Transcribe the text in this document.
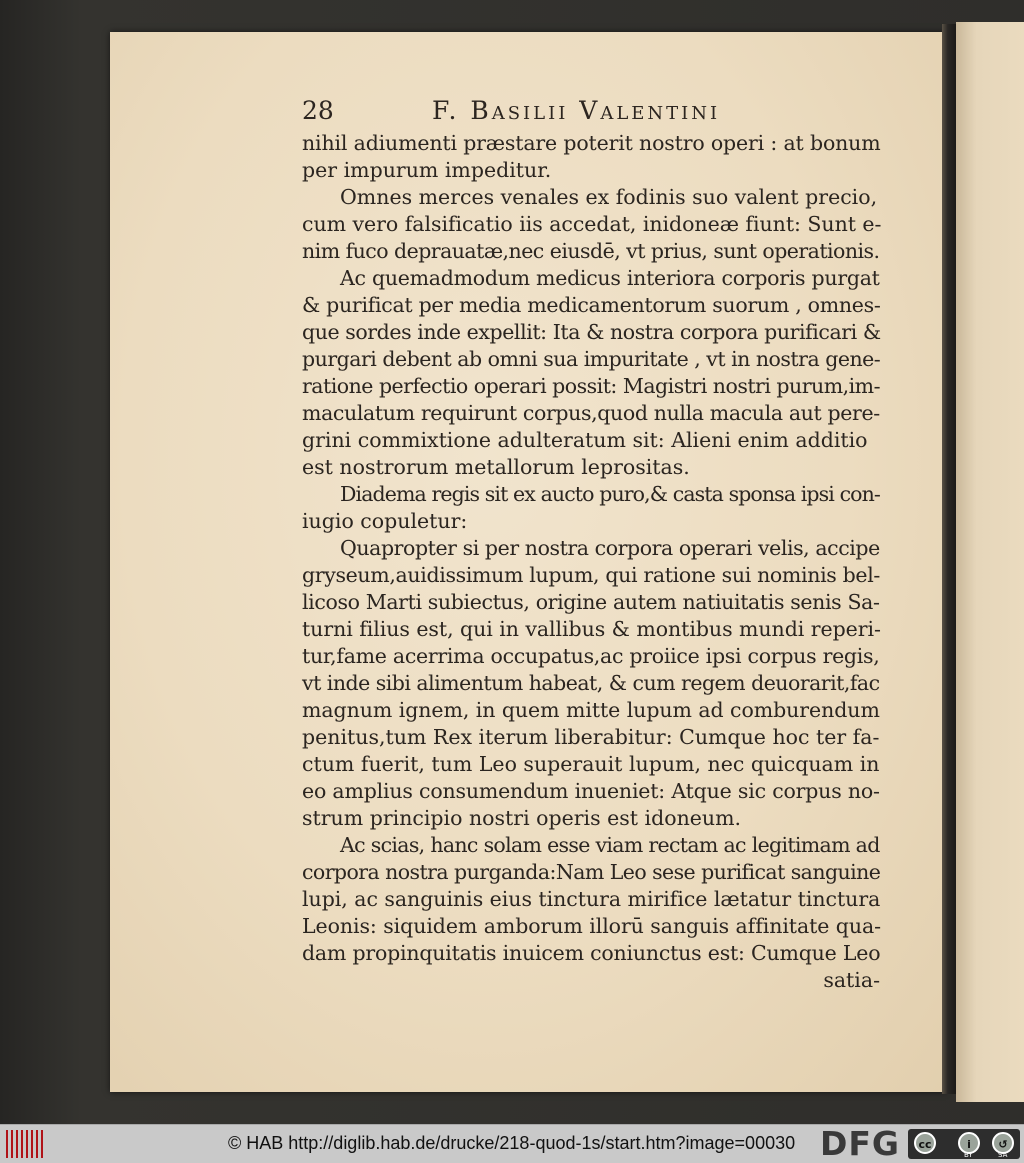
28	F. Basilii Valentini
nihil adiumenti præstare poterit nostro operi : at bonum
per impurum impeditur.
Omnes merces venales ex fodinis suo valent precio,
cum vero falsificatio iis accedat, inidoneæ fiunt: Sunt e-
nim fuco deprauatæ,nec eiusdē, vt prius, sunt operationis.
Ac quemadmodum medicus interiora corporis purgat
& purificat per media medicamentorum suorum , omnes-
que sordes inde expellit: Ita & nostra corpora purificari &
purgari debent ab omni sua impuritate , vt in nostra gene-
ratione perfectio operari possit: Magistri nostri purum,im-
maculatum requirunt corpus,quod nulla macula aut pere-
grini commixtione adulteratum sit: Alieni enim additio
est nostrorum metallorum leprositas.
Diadema regis sit ex aucto puro,& casta sponsa ipsi con-
iugio copuletur:
Quapropter si per nostra corpora operari velis, accipe
gryseum,auidissimum lupum, qui ratione sui nominis bel-
licoso Marti subiectus, origine autem natiuitatis senis Sa-
turni filius est, qui in vallibus & montibus mundi reperi-
tur,fame acerrima occupatus,ac proiice ipsi corpus regis,
vt inde sibi alimentum habeat, & cum regem deuorarit,fac
magnum ignem, in quem mitte lupum ad comburendum
penitus,tum Rex iterum liberabitur: Cumque hoc ter fa-
ctum fuerit, tum Leo superauit lupum, nec quicquam in
eo amplius consumendum inueniet: Atque sic corpus no-
strum principio nostri operis est idoneum.
Ac scias, hanc solam esse viam rectam ac legitimam ad
corpora nostra purganda:Nam Leo sese purificat sanguine
lupi, ac sanguinis eius tinctura mirifice lætatur tinctura
Leonis: siquidem amborum illorū sanguis affinitate qua-
dam propinquitatis inuicem coniunctus est: Cumque Leo
satia-
© HAB http://diglib.hab.de/drucke/218-quod-1s/start.htm?image=00030 DFG	cc	i	↺
BY	SA
